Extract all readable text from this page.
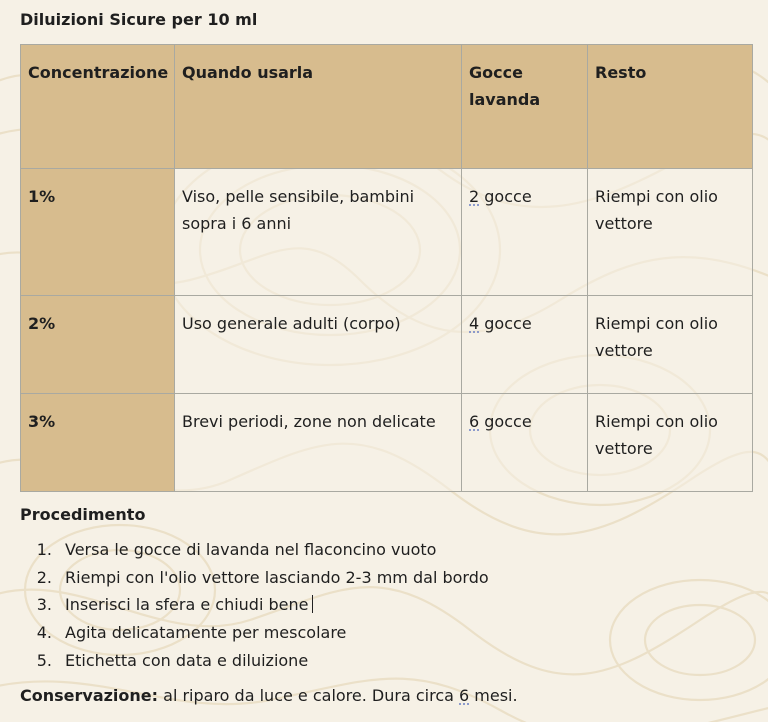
Diluizioni Sicure per 10 ml
Concentrazione	Quando usarla	Gocce lavanda	Resto
1%	Viso, pelle sensibile, bambini sopra i 6 anni	2 gocce	Riempi con olio vettore
2%	Uso generale adulti (corpo)	4 gocce	Riempi con olio vettore
3%	Brevi periodi, zone non delicate	6 gocce	Riempi con olio vettore
Procedimento
1. Versa le gocce di lavanda nel flaconcino vuoto
2. Riempi con l'olio vettore lasciando 2-3 mm dal bordo
3. Inserisci la sfera e chiudi bene
4. Agita delicatamente per mescolare
5. Etichetta con data e diluizione
Conservazione: al riparo da luce e calore. Dura circa 6 mesi.
